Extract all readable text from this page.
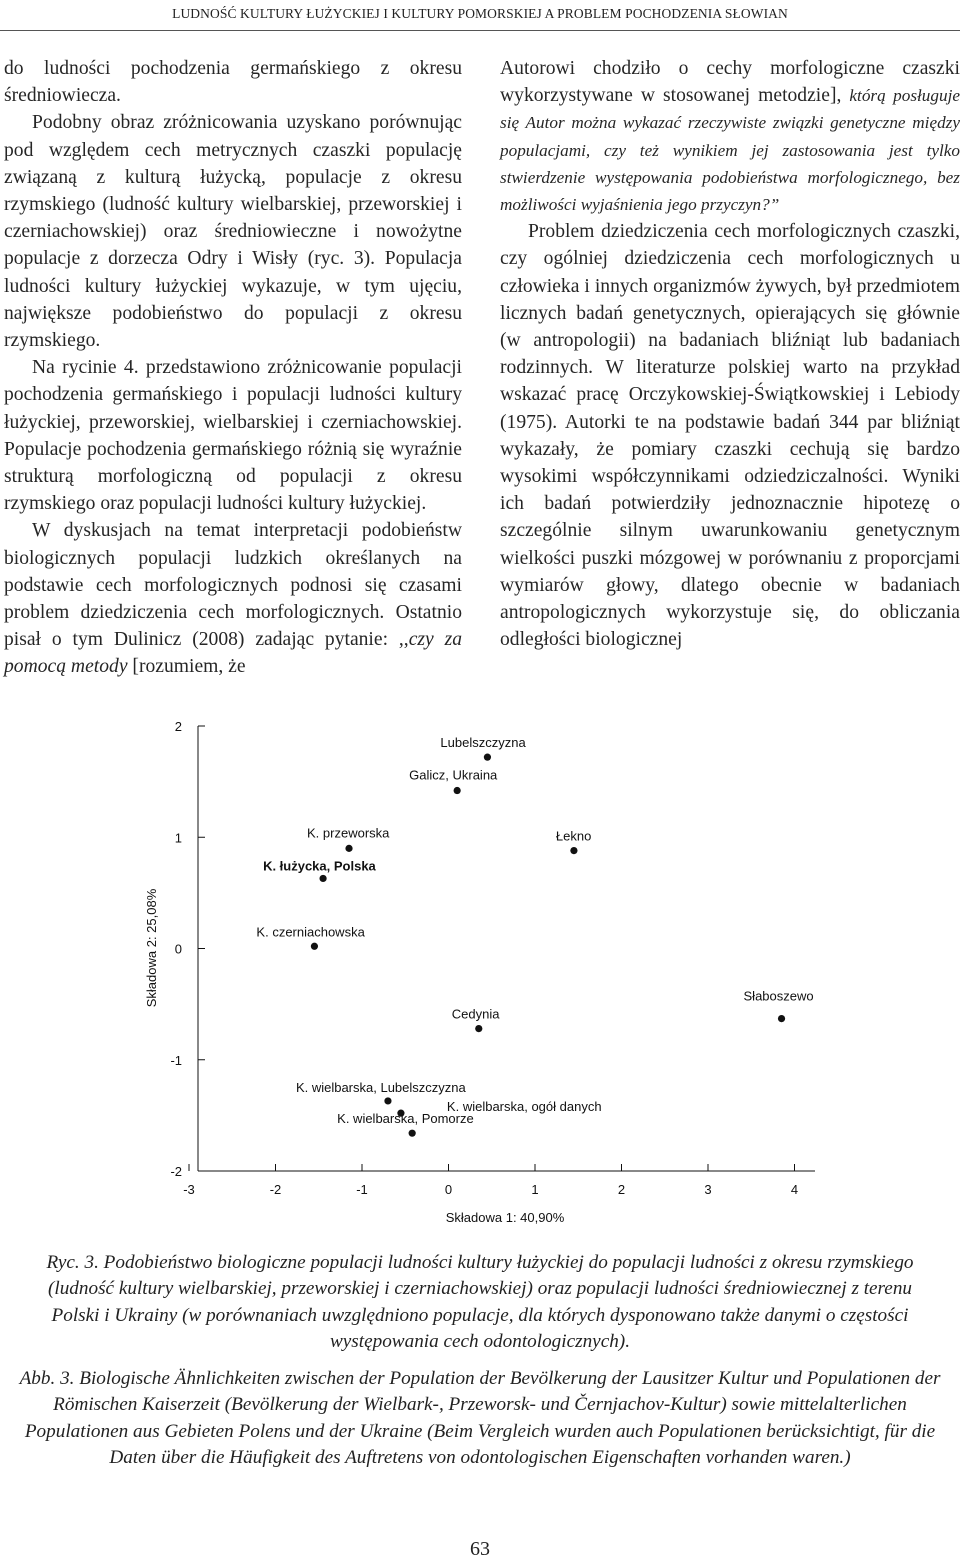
LUDNOŚĆ KULTURY ŁUŻYCKIEJ I KULTURY POMORSKIEJ A PROBLEM POCHODZENIA SŁOWIAN

do ludności pochodzenia germańskiego z okresu średniowiecza.

Podobny obraz zróżnicowania uzyskano porównując pod względem cech metrycznych czaszki populację związaną z kulturą łużycką, populacje z okresu rzymskiego (ludność kultury wielbarskiej, przeworskiej i czerniachowskiej) oraz średniowieczne i nowożytne populacje z dorzecza Odry i Wisły (ryc. 3). Populacja ludności kultury łużyckiej wykazuje, w tym ujęciu, największe podobieństwo do populacji z okresu rzymskiego.

Na rycinie 4. przedstawiono zróżnicowanie populacji pochodzenia germańskiego i populacji ludności kultury łużyckiej, przeworskiej, wielbarskiej i czerniachowskiej. Populacje pochodzenia germańskiego różnią się wyraźnie strukturą morfologiczną od populacji z okresu rzymskiego oraz populacji ludności kultury łużyckiej.

W dyskusjach na temat interpretacji podobieństw biologicznych populacji ludzkich określanych na podstawie cech morfologicznych podnosi się czasami problem dziedziczenia cech morfologicznych. Ostatnio pisał o tym Dulinicz (2008) zadając pytanie: ,,czy za pomocą metody [rozumiem, że

Autorowi chodziło o cechy morfologiczne czaszki wykorzystywane w stosowanej metodzie], którą posługuje się Autor można wykazać rzeczywiste związki genetyczne między populacjami, czy też wynikiem jej zastosowania jest tylko stwierdzenie występowania podobieństwa morfologicznego, bez możliwości wyjaśnienia jego przyczyn?”

Problem dziedziczenia cech morfologicznych czaszki, czy ogólniej dziedziczenia cech morfologicznych u człowieka i innych organizmów żywych, był przedmiotem licznych badań genetycznych, opierających się głównie (w antropologii) na badaniach bliźniąt lub badaniach rodzinnych. W literaturze polskiej warto na przykład wskazać pracę Orczykowskiej-Świątkowskiej i Lebiody (1975). Autorki te na podstawie badań 344 par bliźniąt wykazały, że pomiary czaszki cechują się bardzo wysokimi współczynnikami odziedziczalności. Wyniki ich badań potwierdziły jednoznacznie hipotezę o szczególnie silnym uwarunkowaniu genetycznym wielkości puszki mózgowej w porównaniu z proporcjami wymiarów głowy, dlatego obecnie w badaniach antropologicznych wykorzystuje się, do obliczania odległości biologicznej

2
1
0
-1
-2
-3	-2	-1	0	1	2	3	4
Lubelszczyzna
Galicz, Ukraina
K. przeworska	Łekno
K. łużycka, Polska
K. czerniachowska
Cedynia
Słaboszewo
K. wielbarska, Lubelszczyzna
K. wielbarska, ogół danych
K. wielbarska, Pomorze
Składowa 1: 40,90%
Składowa 2: 25,08%
Ryc. 3. Podobieństwo biologiczne populacji ludności kultury łużyckiej do populacji ludności z okresu rzymskiego (ludność kultury wielbarskiej, przeworskiej i czerniachowskiej) oraz populacji ludności średniowiecznej z terenu Polski i Ukrainy (w porównaniach uwzględniono populacje, dla których dysponowano także danymi o częstości występowania cech odontologicznych).
Abb. 3. Biologische Ähnlichkeiten zwischen der Population der Bevölkerung der Lausitzer Kultur und Populationen der Römischen Kaiserzeit (Bevölkerung der Wielbark-, Przeworsk- und Černjachov-Kultur) sowie mittelalterlichen Populationen aus Gebieten Polens und der Ukraine (Beim Vergleich wurden auch Populationen berücksichtigt, für die Daten über die Häufigkeit des Auftretens von odontologischen Eigenschaften vorhanden waren.)
63
